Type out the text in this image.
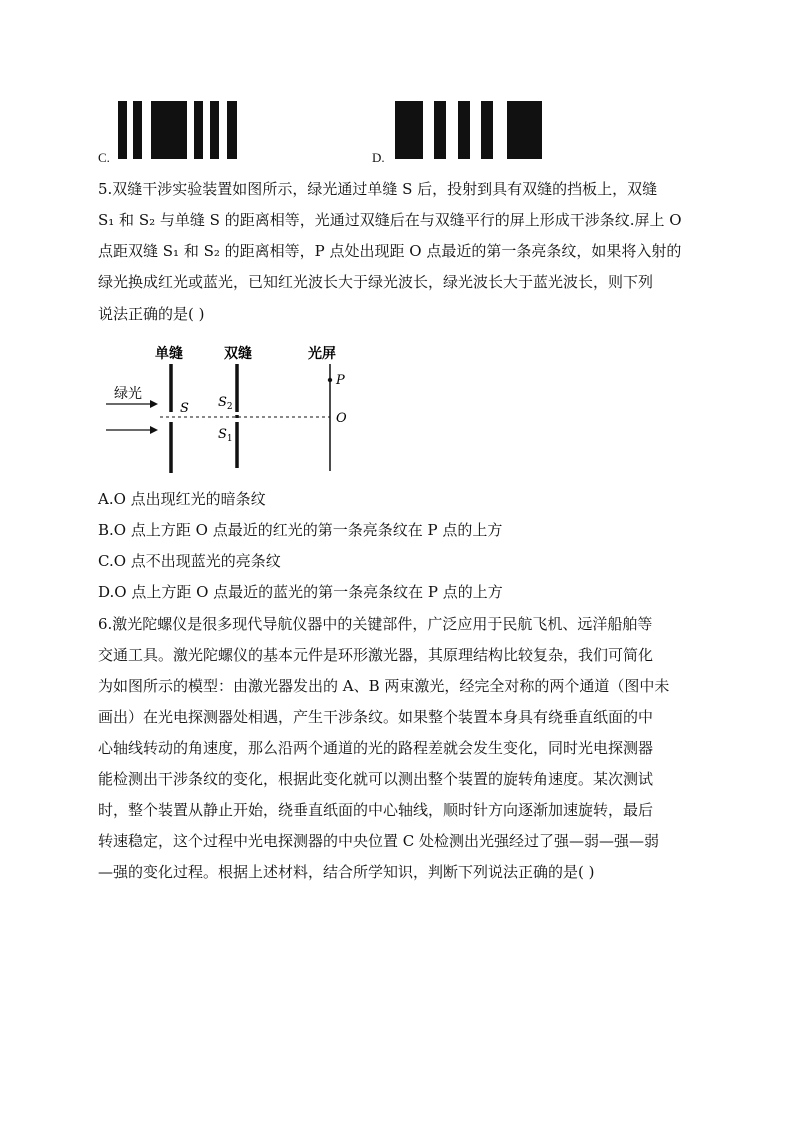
C.	D.
5.双缝干涉实验装置如图所示，绿光通过单缝 S 后，投射到具有双缝的挡板上，双缝
S₁ 和 S₂ 与单缝 S 的距离相等，光通过双缝后在与双缝平行的屏上形成干涉条纹.屏上 O
点距双缝 S₁ 和 S₂ 的距离相等，P 点处出现距 O 点最近的第一条亮条纹，如果将入射的
绿光换成红光或蓝光，已知红光波长大于绿光波长，绿光波长大于蓝光波长，则下列
说法正确的是( )
单缝	双缝	光屏
绿光
S $S_2$
$S_1$
P
O
A.O 点出现红光的暗条纹
B.O 点上方距 O 点最近的红光的第一条亮条纹在 P 点的上方
C.O 点不出现蓝光的亮条纹
D.O 点上方距 O 点最近的蓝光的第一条亮条纹在 P 点的上方
6.激光陀螺仪是很多现代导航仪器中的关键部件，广泛应用于民航飞机、远洋船舶等
交通工具。激光陀螺仪的基本元件是环形激光器，其原理结构比较复杂，我们可简化
为如图所示的模型：由激光器发出的 A、B 两束激光，经完全对称的两个通道（图中未
画出）在光电探测器处相遇，产生干涉条纹。如果整个装置本身具有绕垂直纸面的中
心轴线转动的角速度，那么沿两个通道的光的路程差就会发生变化，同时光电探测器
能检测出干涉条纹的变化，根据此变化就可以测出整个装置的旋转角速度。某次测试
时，整个装置从静止开始，绕垂直纸面的中心轴线，顺时针方向逐渐加速旋转，最后
转速稳定，这个过程中光电探测器的中央位置 C 处检测出光强经过了强—弱—强—弱
—强的变化过程。根据上述材料，结合所学知识，判断下列说法正确的是( )
